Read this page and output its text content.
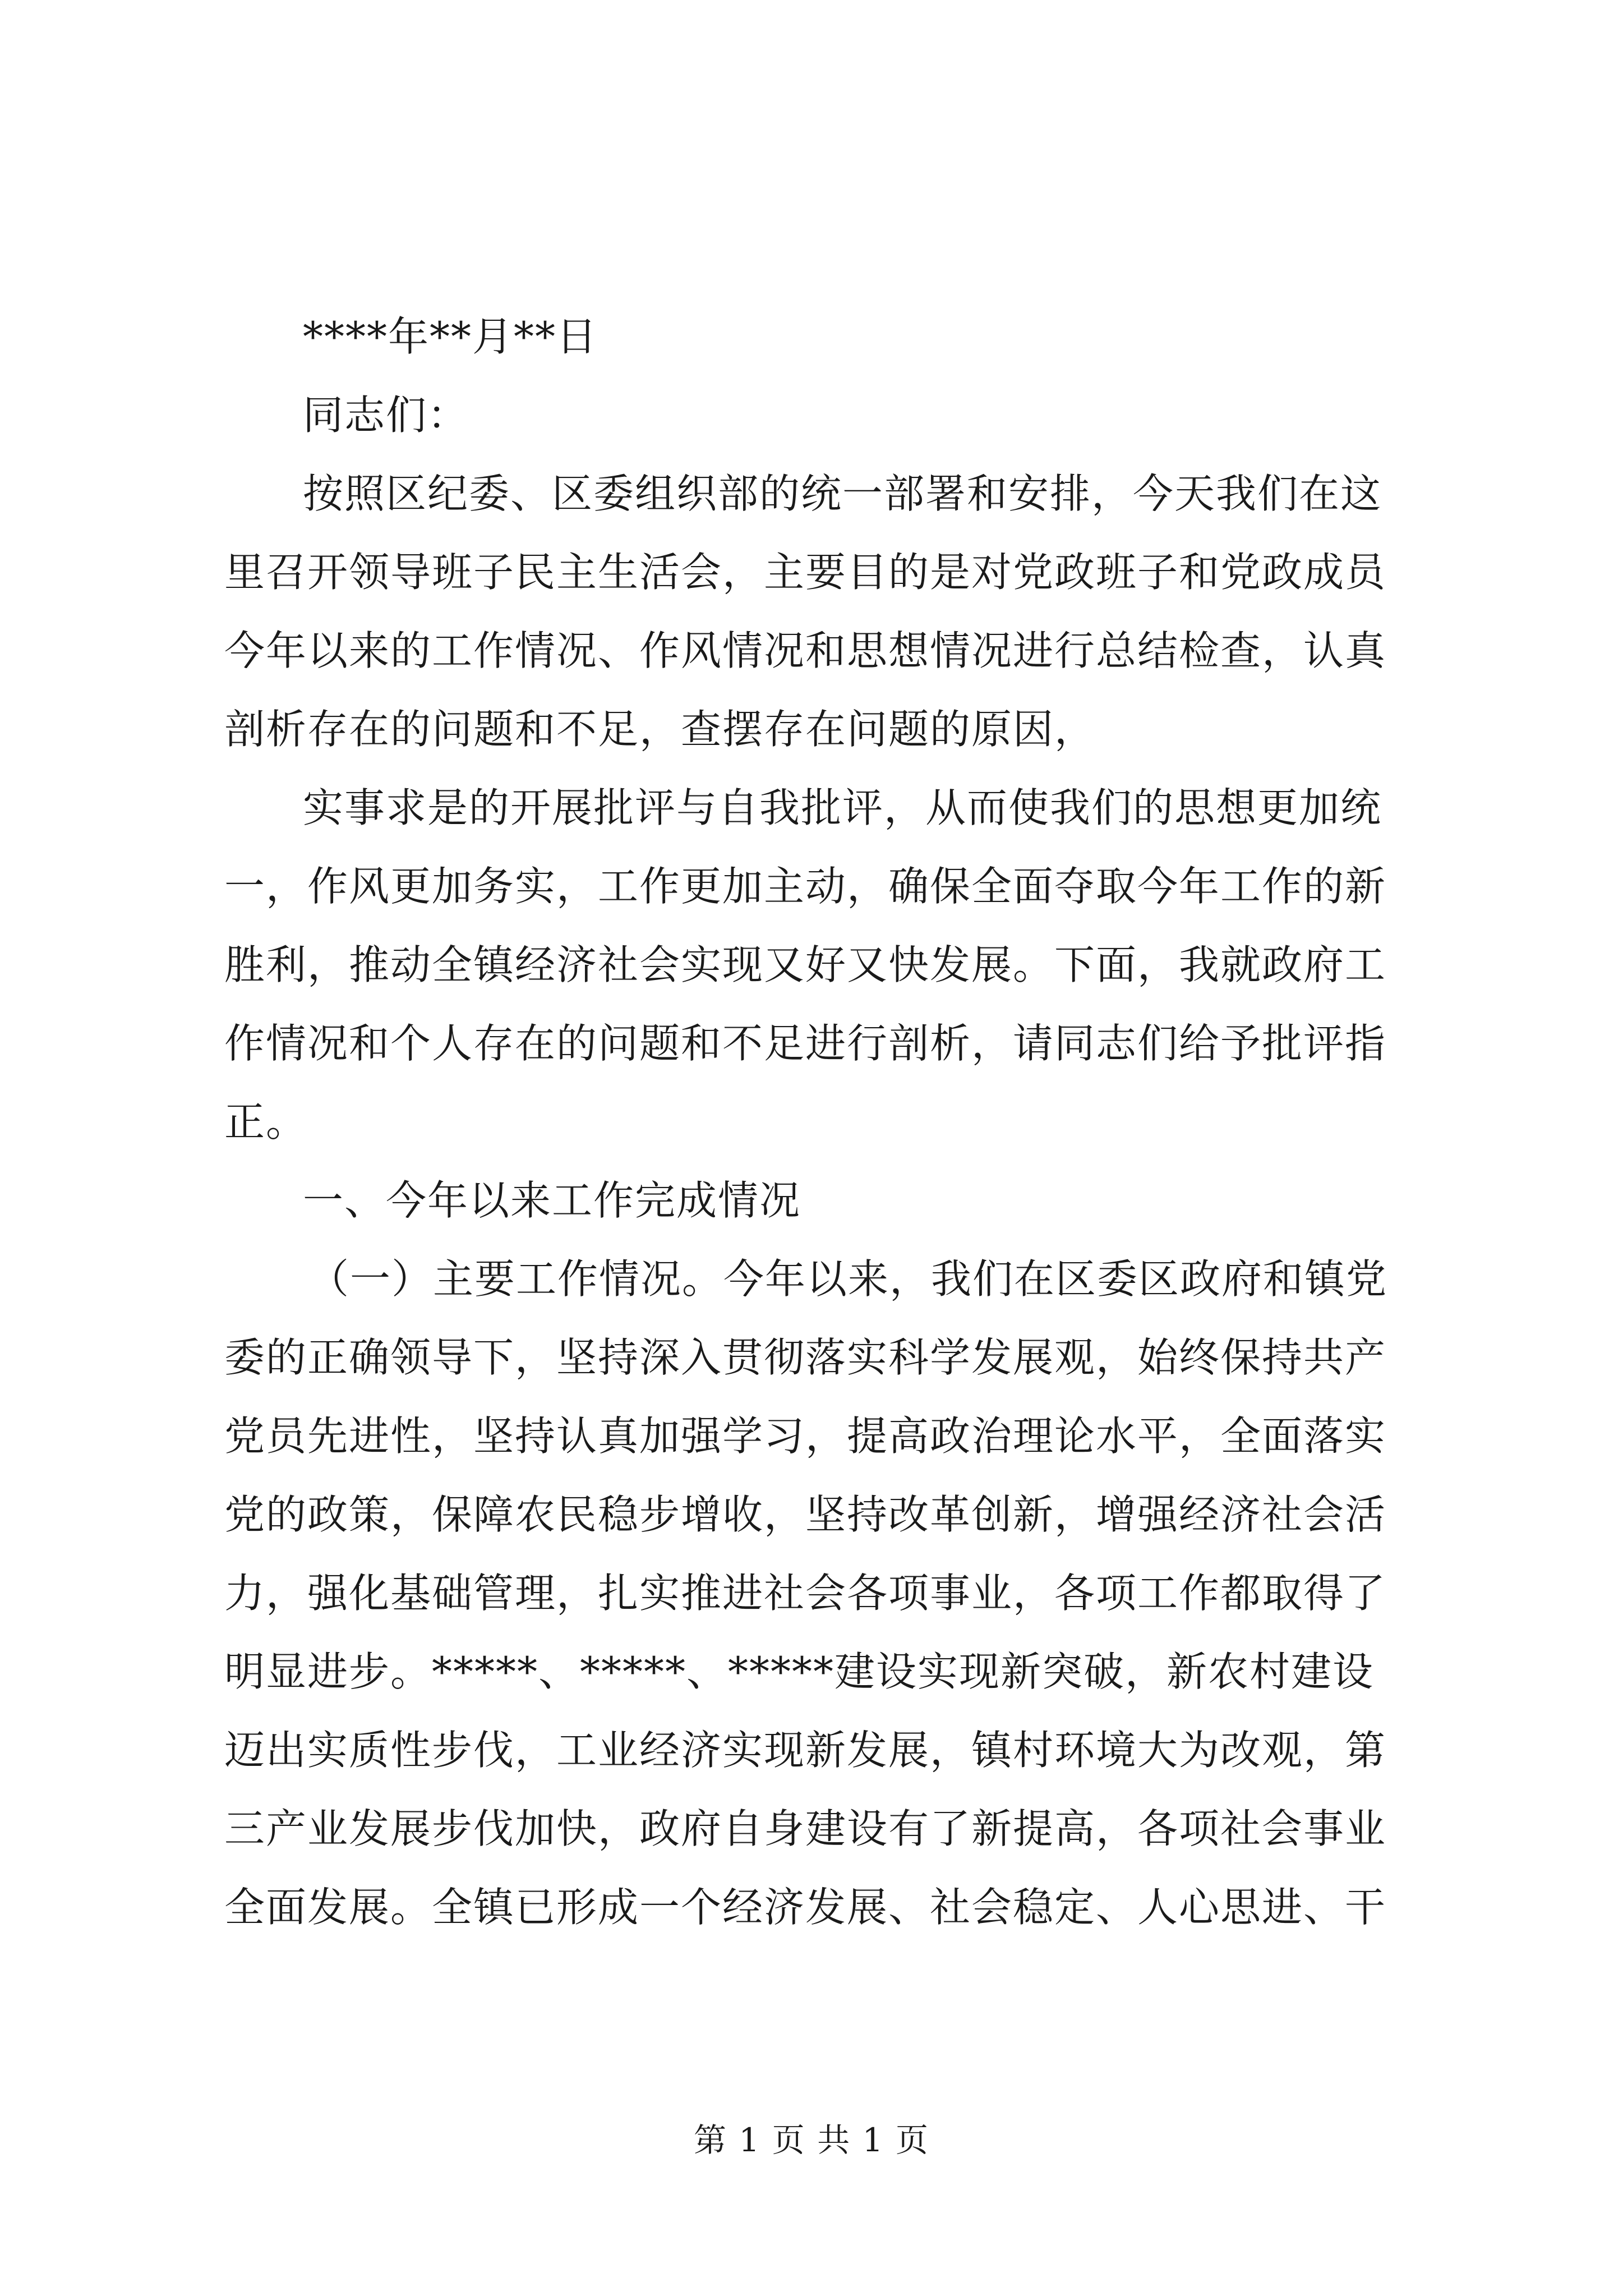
****年**月**日
同志们：
按照区纪委、区委组织部的统一部署和安排，今天我们在这
里召开领导班子民主生活会，主要目的是对党政班子和党政成员
今年以来的工作情况、作风情况和思想情况进行总结检查，认真
剖析存在的问题和不足，查摆存在问题的原因，
实事求是的开展批评与自我批评，从而使我们的思想更加统
一，作风更加务实，工作更加主动，确保全面夺取今年工作的新
胜利，推动全镇经济社会实现又好又快发展。下面，我就政府工
作情况和个人存在的问题和不足进行剖析，请同志们给予批评指
正。
一、今年以来工作完成情况
（一）主要工作情况。今年以来，我们在区委区政府和镇党
委的正确领导下，坚持深入贯彻落实科学发展观，始终保持共产
党员先进性，坚持认真加强学习，提高政治理论水平，全面落实
党的政策，保障农民稳步增收，坚持改革创新，增强经济社会活
力，强化基础管理，扎实推进社会各项事业，各项工作都取得了
明显进步。*****、*****、*****建设实现新突破，新农村建设
迈出实质性步伐，工业经济实现新发展，镇村环境大为改观，第
三产业发展步伐加快，政府自身建设有了新提高，各项社会事业
全面发展。全镇已形成一个经济发展、社会稳定、人心思进、干
第 1 页 共 1 页
